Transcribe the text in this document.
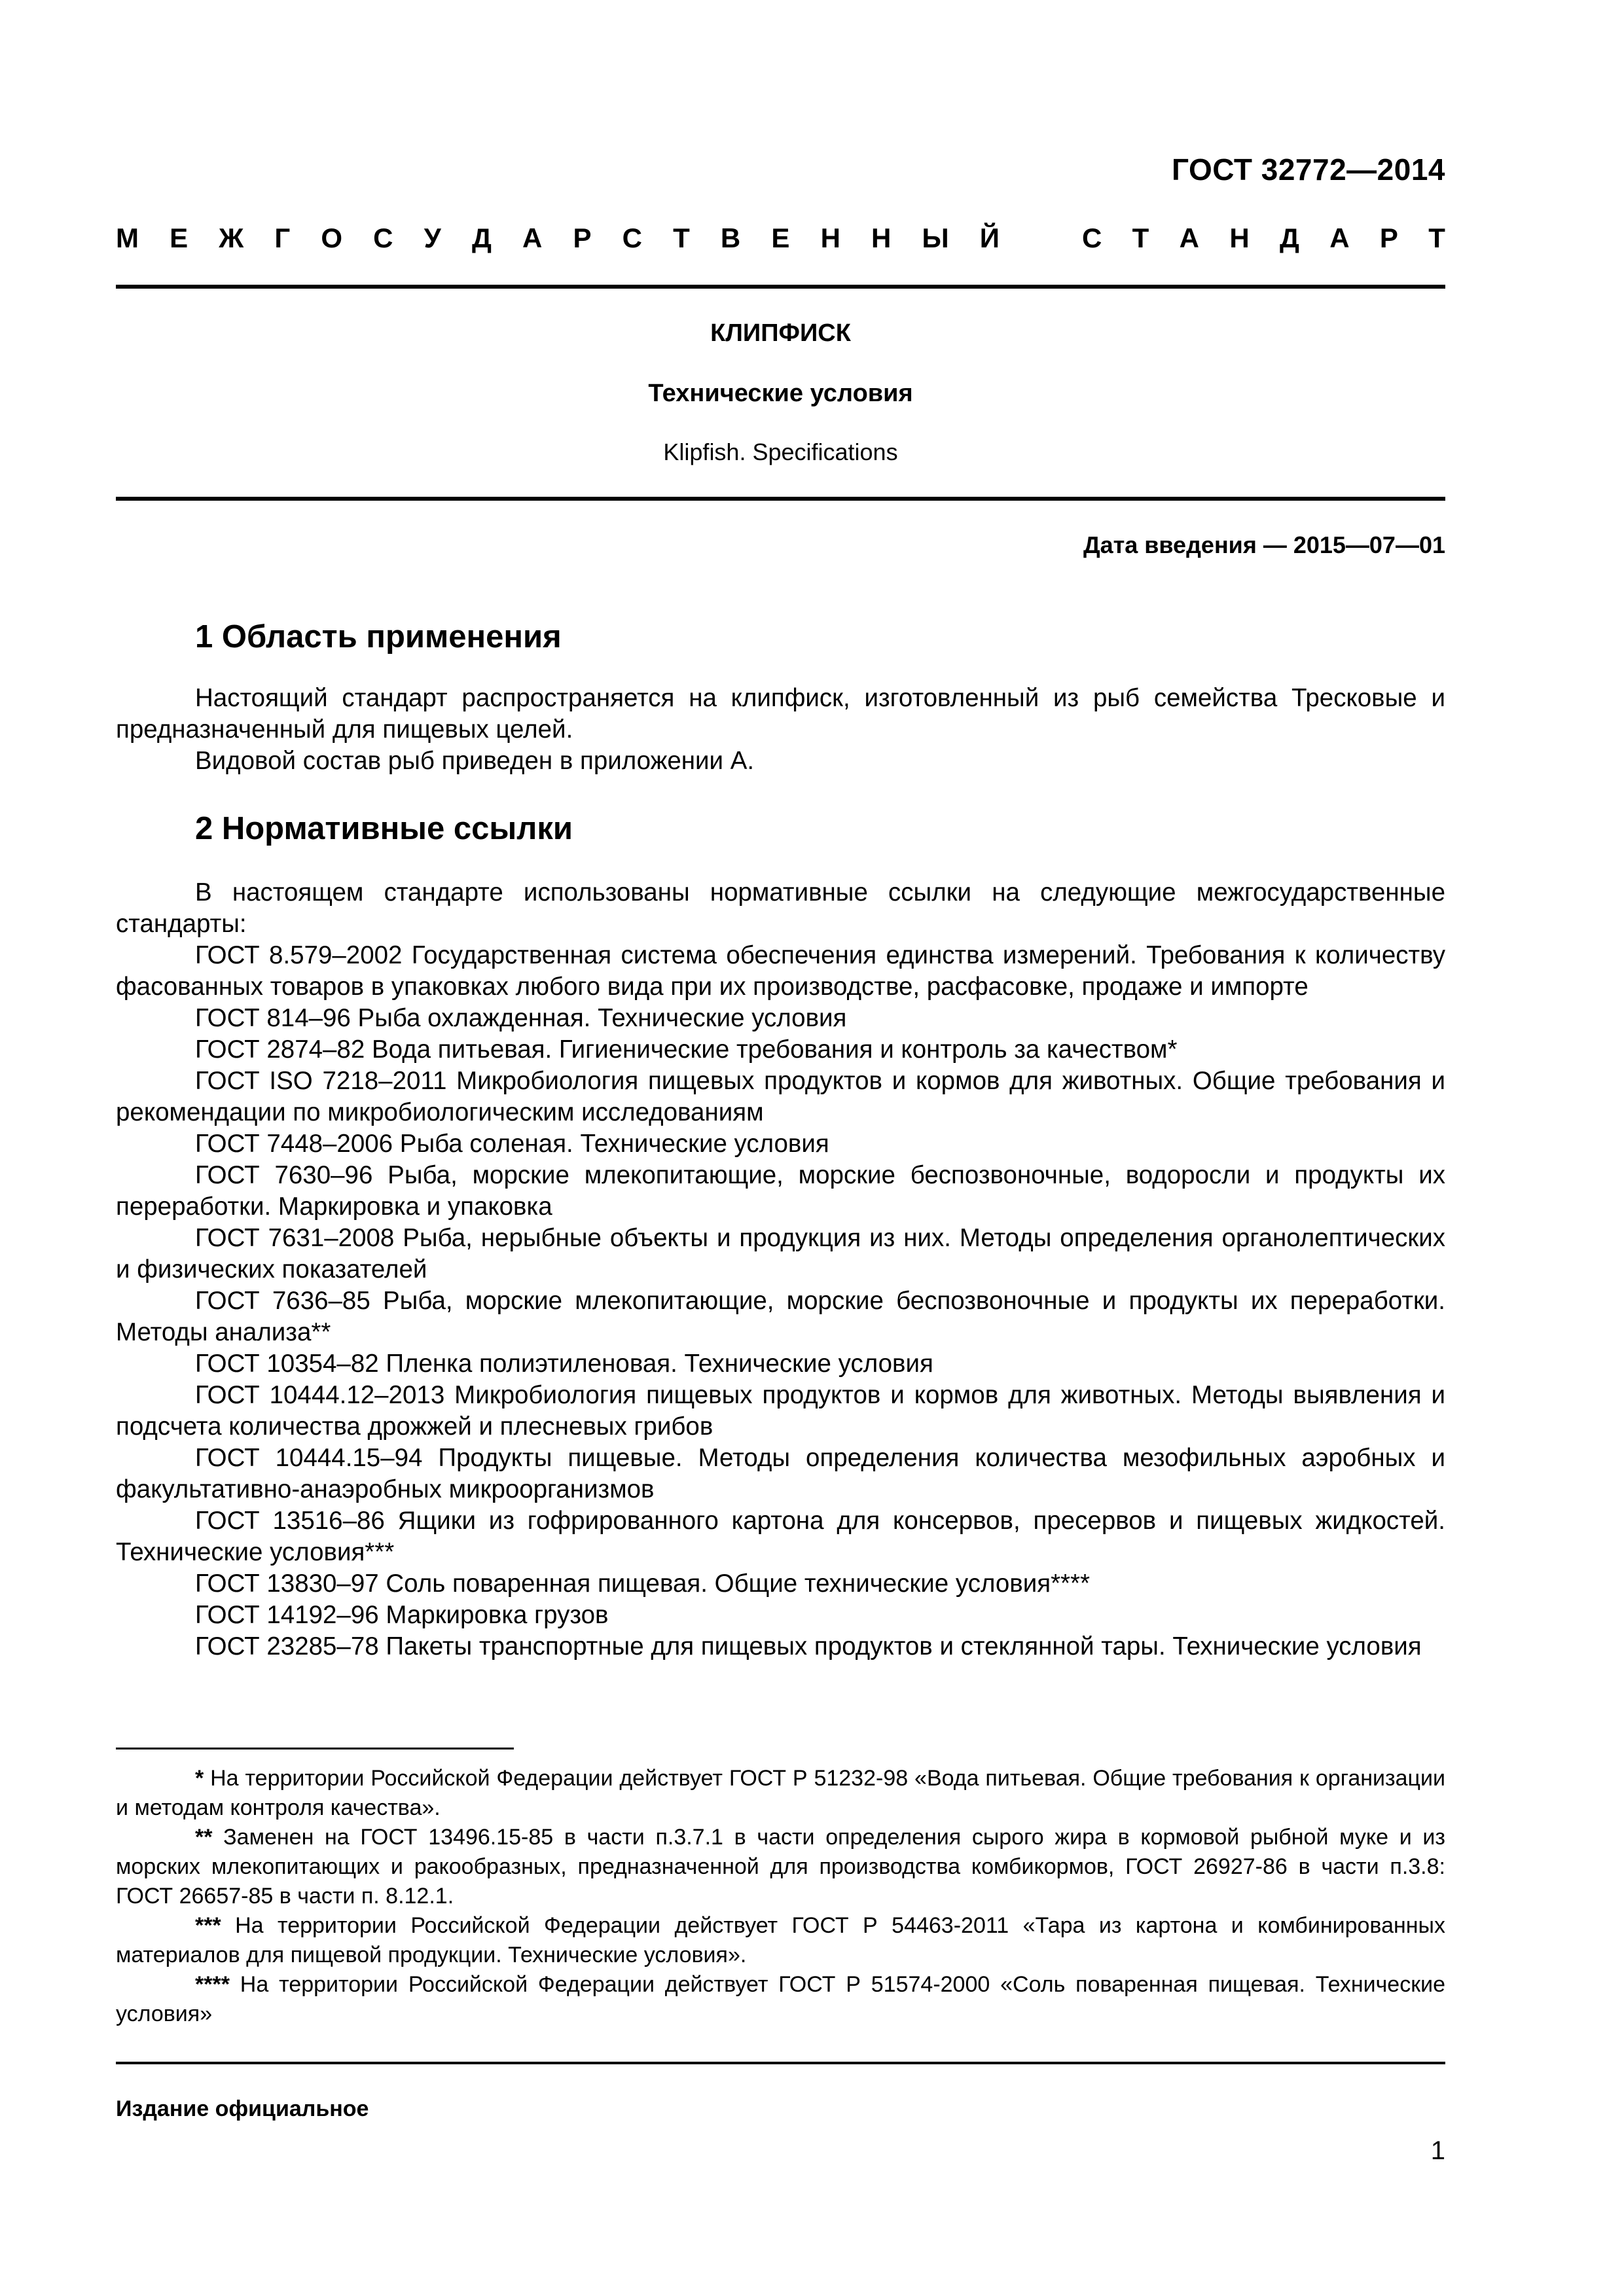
ГОСТ 32772—2014
М Е Ж Г О С У Д А Р С Т В Е Н Н Ы Й	С Т А Н Д А Р Т
КЛИПФИСК
Технические условия
Klipfish. Specifications
Дата введения — 2015—07—01
1 Область применения

Настоящий стандарт распространяется на клипфиск, изготовленный из рыб семейства Тресковые и предназначенный для пищевых целей.

Видовой состав рыб приведен в приложении А.

2 Нормативные ссылки

В настоящем стандарте использованы нормативные ссылки на следующие межгосударственные стандарты:

ГОСТ 8.579–2002 Государственная система обеспечения единства измерений. Требования к количеству фасованных товаров в упаковках любого вида при их производстве, расфасовке, продаже и импорте

ГОСТ 814–96 Рыба охлажденная. Технические условия

ГОСТ 2874–82 Вода питьевая. Гигиенические требования и контроль за качеством*

ГОСТ ISO 7218–2011 Микробиология пищевых продуктов и кормов для животных. Общие требования и рекомендации по микробиологическим исследованиям

ГОСТ 7448–2006 Рыба соленая. Технические условия

ГОСТ 7630–96 Рыба, морские млекопитающие, морские беспозвоночные, водоросли и продукты их переработки. Маркировка и упаковка

ГОСТ 7631–2008 Рыба, нерыбные объекты и продукция из них. Методы определения органолептических и физических показателей

ГОСТ 7636–85 Рыба, морские млекопитающие, морские беспозвоночные и продукты их переработки. Методы анализа**

ГОСТ 10354–82 Пленка полиэтиленовая. Технические условия

ГОСТ 10444.12–2013 Микробиология пищевых продуктов и кормов для животных. Методы выявления и подсчета количества дрожжей и плесневых грибов

ГОСТ 10444.15–94 Продукты пищевые. Методы определения количества мезофильных аэробных и факультативно-анаэробных микроорганизмов

ГОСТ 13516–86 Ящики из гофрированного картона для консервов, пресервов и пищевых жидкостей. Технические условия***

ГОСТ 13830–97 Соль поваренная пищевая. Общие технические условия****

ГОСТ 14192–96 Маркировка грузов

ГОСТ 23285–78 Пакеты транспортные для пищевых продуктов и стеклянной тары. Технические условия

* На территории Российской Федерации действует ГОСТ Р 51232-98 «Вода питьевая. Общие требования к организации и методам контроля качества».

** Заменен на ГОСТ 13496.15-85 в части п.3.7.1 в части определения сырого жира в кормовой рыбной муке и из морских млекопитающих и ракообразных, предназначенной для производства комбикормов, ГОСТ 26927-86 в части п.3.8: ГОСТ 26657-85 в части п. 8.12.1.

*** На территории Российской Федерации действует ГОСТ Р 54463-2011 «Тара из картона и комбинированных материалов для пищевой продукции. Технические условия».

**** На территории Российской Федерации действует ГОСТ Р 51574-2000 «Соль поваренная пищевая. Технические условия»

Издание официальное
1
